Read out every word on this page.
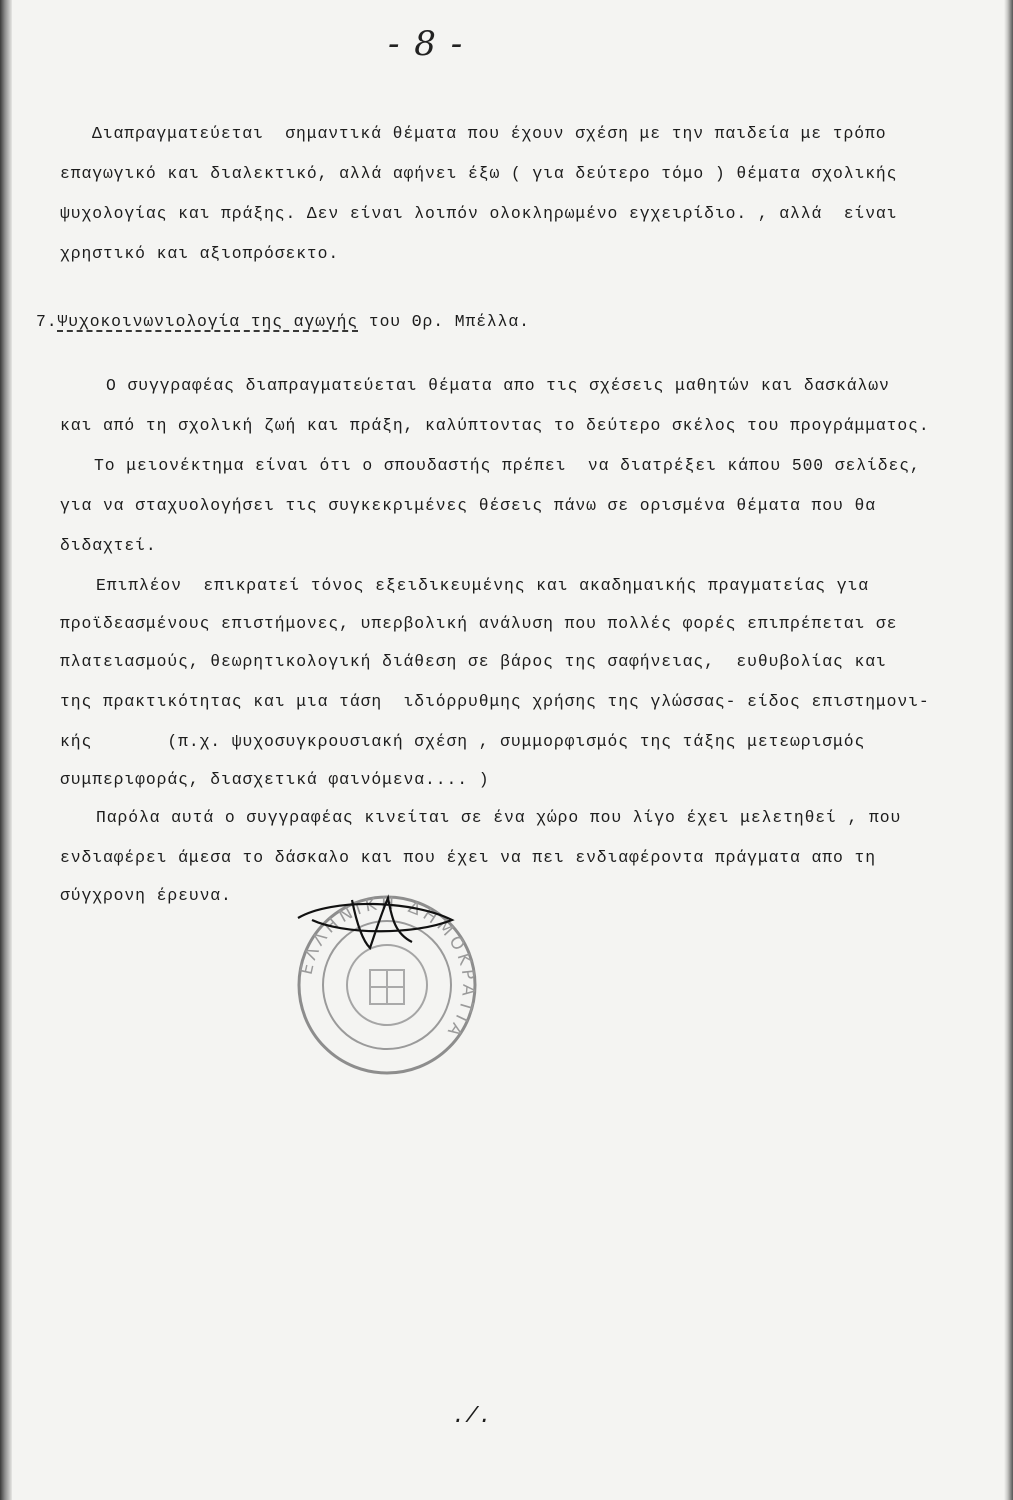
- 8 -
Διαπραγματεύεται  σημαντικά θέματα που έχουν σχέση με την παιδεία με τρόπο
επαγωγικό και διαλεκτικό, αλλά αφήνει έξω ( για δεύτερο τόμο ) θέματα σχολικής
ψυχολογίας και πράξης. Δεν είναι λοιπόν ολοκληρωμένο εγχειρίδιο. , αλλά  είναι
χρηστικό και αξιοπρόσεκτο.
7.Ψυχοκοινωνιολογία της αγωγής του Θρ. Μπέλλα.
Ο συγγραφέας διαπραγματεύεται θέματα απο τις σχέσεις μαθητών και δασκάλων
και από τη σχολική ζωή και πράξη, καλύπτοντας το δεύτερο σκέλος του προγράμματος.
Το μειονέκτημα είναι ότι ο σπουδαστής πρέπει  να διατρέξει κάπου 500 σελίδες,
για να σταχυολογήσει τις συγκεκριμένες θέσεις πάνω σε ορισμένα θέματα που θα
διδαχτεί.
Επιπλέον  επικρατεί τόνος εξειδικευμένης και ακαδημαικής πραγματείας για
προϊδεασμένους επιστήμονες, υπερβολική ανάλυση που πολλές φορές επιπρέπεται σε
πλατειασμούς, θεωρητικολογική διάθεση σε βάρος της σαφήνειας,  ευθυβολίας και
της πρακτικότητας και μια τάση  ιδιόρρυθμης χρήσης της γλώσσας- είδος επιστημονι-
κής       (π.χ. ψυχοσυγκρουσιακή σχέση , συμμορφισμός της τάξης μετεωρισμός
συμπεριφοράς, διασχετικά φαινόμενα.... )
Παρόλα αυτά ο συγγραφέας κινείται σε ένα χώρο που λίγο έχει μελετηθεί , που
ενδιαφέρει άμεσα το δάσκαλο και που έχει να πει ενδιαφέροντα πράγματα απο τη
σύγχρονη έρευνα.
ΕΛΛΗΝΙΚΗ ΔΗΜΟΚΡΑΤΙΑ
./.
